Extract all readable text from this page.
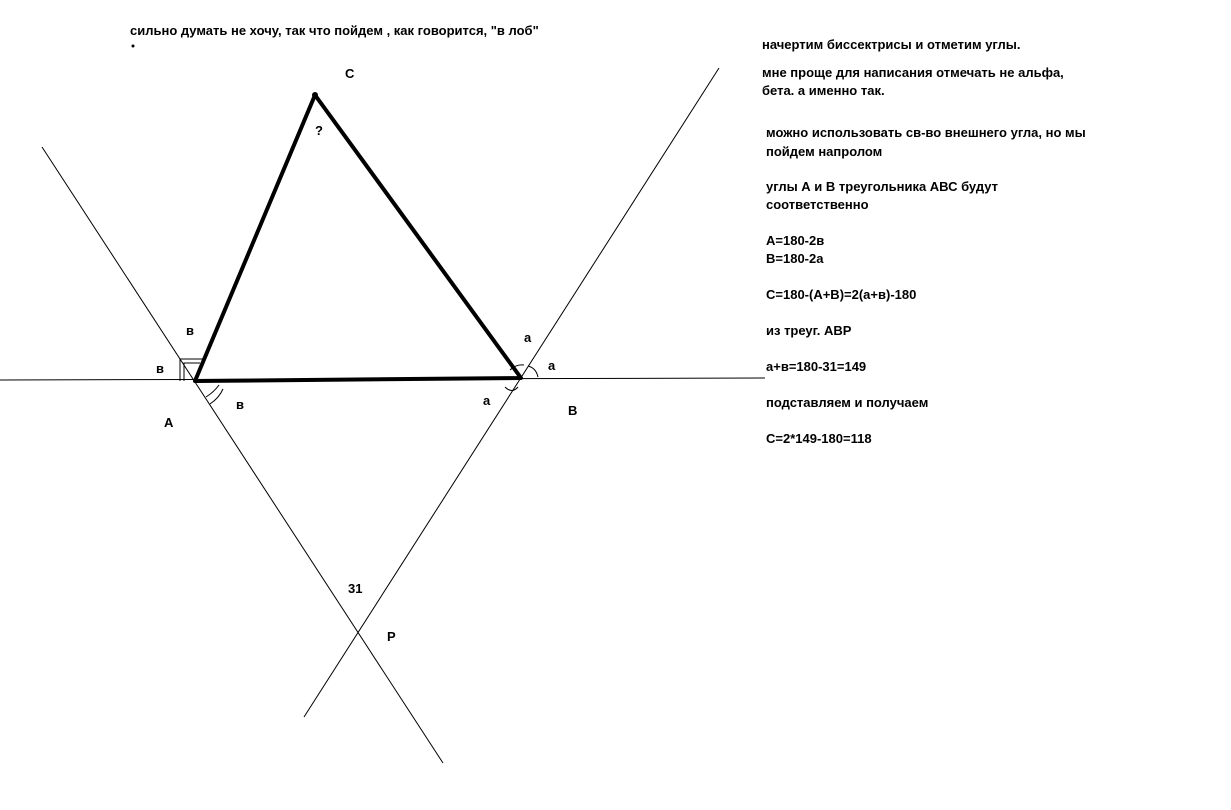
сильно думать не хочу, так что пойдем , как говорится, "в лоб"
С
А
В
Р
?
в
в
в
а
а
а
31
начертим биссектрисы и отметим углы.
мне проще для написания отмечать не альфа,
бета. а именно так.
можно использовать св-во внешнего угла, но мы
пойдем напролом
углы А и В треугольника АВС будут
соответственно
А=180-2в
В=180-2а
С=180-(А+В)=2(а+в)-180
из треуг. АВР
а+в=180-31=149
подставляем и получаем
С=2*149-180=118
